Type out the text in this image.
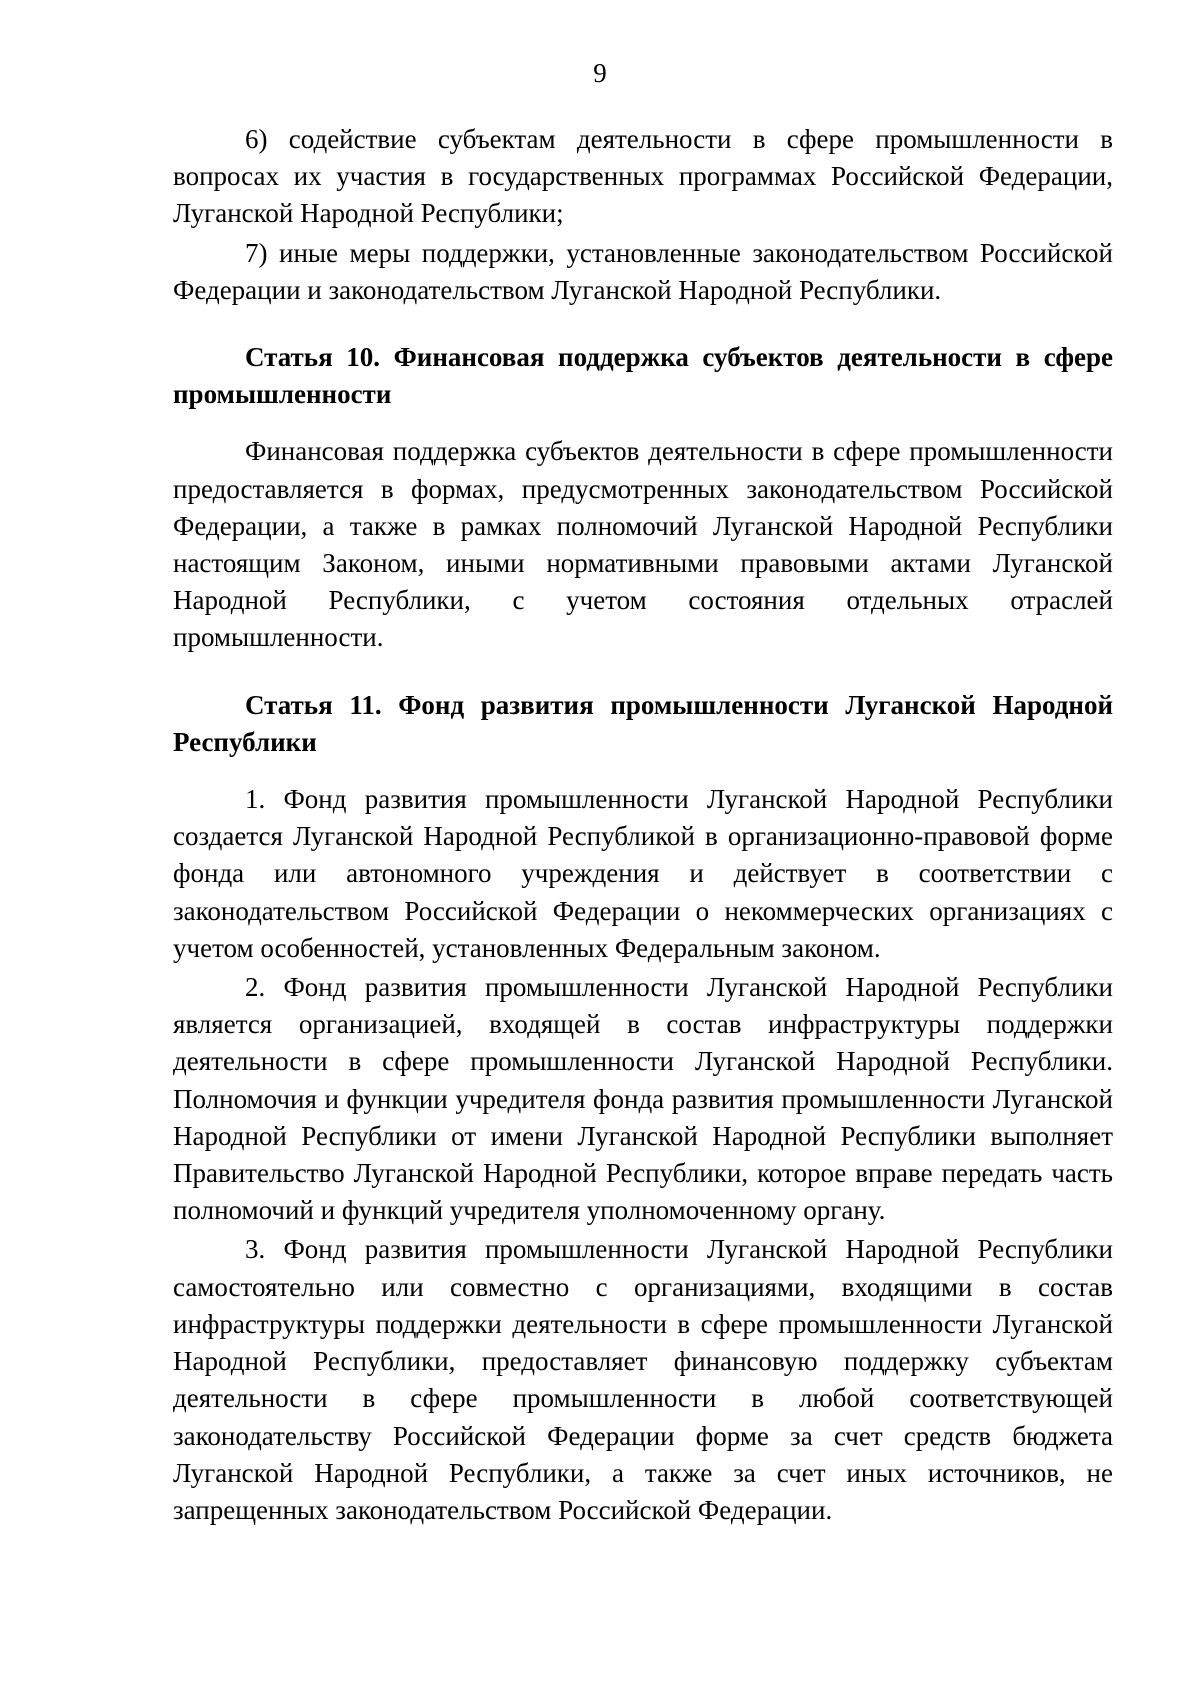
9

6) содействие субъектам деятельности в сфере промышленности в вопросах их участия в государственных программах Российской Федерации, Луганской Народной Республики;

7) иные меры поддержки, установленные законодательством Российской Федерации и законодательством Луганской Народной Республики.

Статья 10. Финансовая поддержка субъектов деятельности в сфере промышленности

Финансовая поддержка субъектов деятельности в сфере промышленности предоставляется в формах, предусмотренных законодательством Российской Федерации, а также в рамках полномочий Луганской Народной Республики настоящим Законом, иными нормативными правовыми актами Луганской Народной Республики, с учетом состояния отдельных отраслей промышленности.

Статья 11. Фонд развития промышленности Луганской Народной Республики

1. Фонд развития промышленности Луганской Народной Республики создается Луганской Народной Республикой в организационно-правовой форме фонда или автономного учреждения и действует в соответствии с законодательством Российской Федерации о некоммерческих организациях с учетом особенностей, установленных Федеральным законом.

2. Фонд развития промышленности Луганской Народной Республики является организацией, входящей в состав инфраструктуры поддержки деятельности в сфере промышленности Луганской Народной Республики. Полномочия и функции учредителя фонда развития промышленности Луганской Народной Республики от имени Луганской Народной Республики выполняет Правительство Луганской Народной Республики, которое вправе передать часть полномочий и функций учредителя уполномоченному органу.

3. Фонд развития промышленности Луганской Народной Республики самостоятельно или совместно с организациями, входящими в состав инфраструктуры поддержки деятельности в сфере промышленности Луганской Народной Республики, предоставляет финансовую поддержку субъектам деятельности в сфере промышленности в любой соответствующей законодательству Российской Федерации форме за счет средств бюджета Луганской Народной Республики, а также за счет иных источников, не запрещенных законодательством Российской Федерации.
